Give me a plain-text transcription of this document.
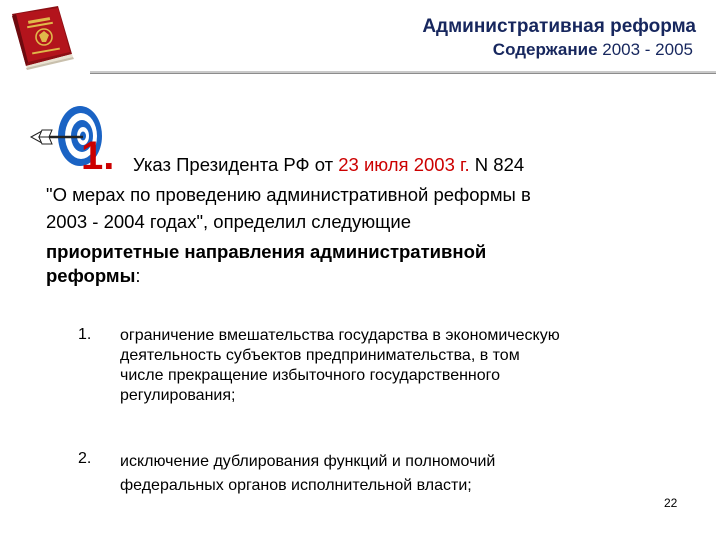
Административная реформа
Содержание 2003 - 2005
1. Указ Президента РФ от 23 июля 2003 г. N 824
"О мерах по проведению административной реформы в
2003 - 2004 годах", определил следующие
приоритетные направления административной
реформы:
1. ограничение вмешательства государства в экономическую
деятельность субъектов предпринимательства, в том
числе прекращение избыточного государственного
регулирования;
2. исключение дублирования функций и полномочий
федеральных органов исполнительной власти;
22
